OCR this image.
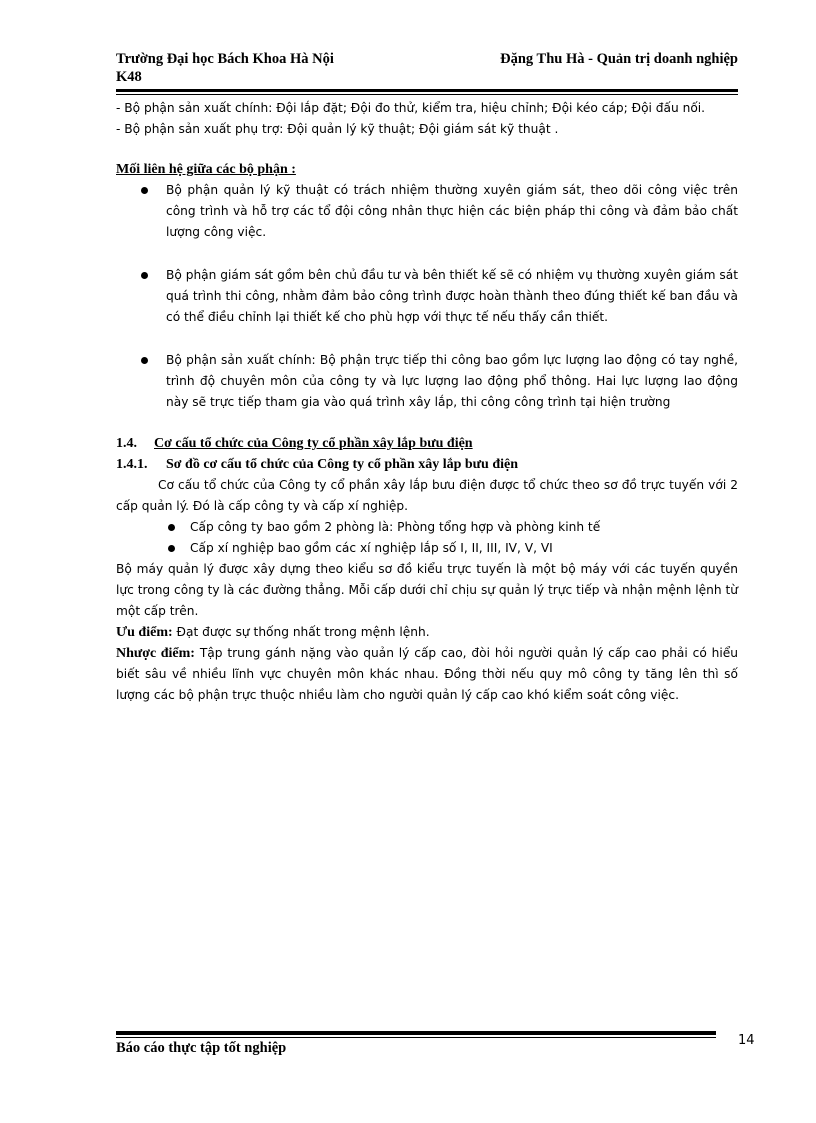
Trường Đại học Bách Khoa Hà Nội	Đặng Thu Hà - Quản trị doanh nghiệp
K48

- Bộ phận sản xuất chính: Đội lắp đặt; Đội đo thử, kiểm tra, hiệu chỉnh; Đội kéo cáp; Đội đấu nối.

- Bộ phận sản xuất phụ trợ: Đội quản lý kỹ thuật; Đội giám sát kỹ thuật .

Mối liên hệ giữa các bộ phận :

Bộ phận quản lý kỹ thuật có trách nhiệm thường xuyên giám sát, theo dõi công việc trên công trình và hỗ trợ các tổ đội công nhân thực hiện các biện pháp thi công và đảm bảo chất lượng công việc.
Bộ phận giám sát gồm bên chủ đầu tư và bên thiết kế sẽ có nhiệm vụ thường xuyên giám sát quá trình thi công, nhằm đảm bảo công trình được hoàn thành theo đúng thiết kế ban đầu và có thể điều chỉnh lại thiết kế cho phù hợp với thực tế nếu thấy cần thiết.
Bộ phận sản xuất chính: Bộ phận trực tiếp thi công bao gồm lực lượng lao động có tay nghề, trình độ chuyên môn của công ty và lực lượng lao động phổ thông. Hai lực lượng lao động này sẽ trực tiếp tham gia vào quá trình xây lắp, thi công công trình tại hiện trường

1.4. Cơ cấu tổ chức của Công ty cổ phần xây lắp bưu điện

1.4.1. Sơ đồ cơ cấu tổ chức của Công ty cổ phần xây lắp bưu điện

Cơ cấu tổ chức của Công ty cổ phần xây lắp bưu điện được tổ chức theo sơ đồ trực tuyến với 2 cấp quản lý. Đó là cấp công ty và cấp xí nghiệp.

Cấp công ty bao gồm 2 phòng là: Phòng tổng hợp và phòng kinh tế
Cấp xí nghiệp bao gồm các xí nghiệp lắp số I, II, III, IV, V, VI

Bộ máy quản lý được xây dựng theo kiểu sơ đồ kiểu trực tuyến là một bộ máy với các tuyến quyền lực trong công ty là các đường thẳng. Mỗi cấp dưới chỉ chịu sự quản lý trực tiếp và nhận mệnh lệnh từ một cấp trên.

Ưu điểm: Đạt được sự thống nhất trong mệnh lệnh.

Nhược điểm: Tập trung gánh nặng vào quản lý cấp cao, đòi hỏi người quản lý cấp cao phải có hiểu biết sâu về nhiều lĩnh vực chuyên môn khác nhau. Đồng thời nếu quy mô công ty tăng lên thì số lượng các bộ phận trực thuộc nhiều làm cho người quản lý cấp cao khó kiểm soát công việc.

Báo cáo thực tập tốt nghiệp	14
